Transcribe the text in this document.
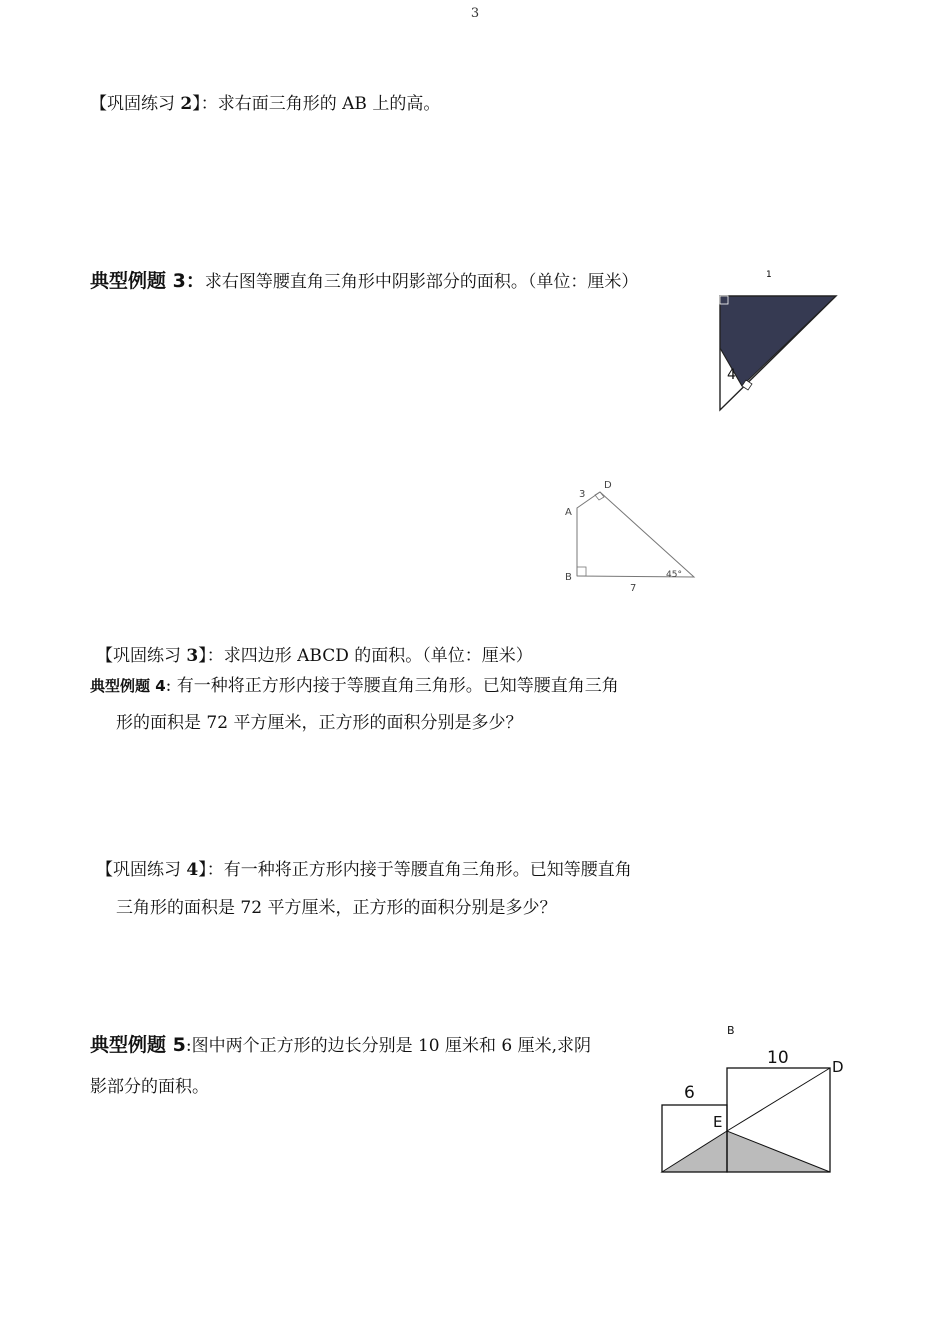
3
【巩固练习 2】：求右面三角形的 AB 上的高。
典型例题 3：求右图等腰直角三角形中阴影部分的面积。（单位：厘米）	1
4
3
D
A
B
7
45°
【巩固练习 3】：求四边形 ABCD 的面积。（单位：厘米）
典型例题 4: 有一种将正方形内接于等腰直角三角形。已知等腰直角三角
形的面积是 72 平方厘米，正方形的面积分别是多少？
【巩固练习 4】：有一种将正方形内接于等腰直角三角形。已知等腰直角
三角形的面积是 72 平方厘米，正方形的面积分别是多少？
典型例题 5:图中两个正方形的边长分别是 10 厘米和 6 厘米,求阴
影部分的面积。
B
10	D
6
E
